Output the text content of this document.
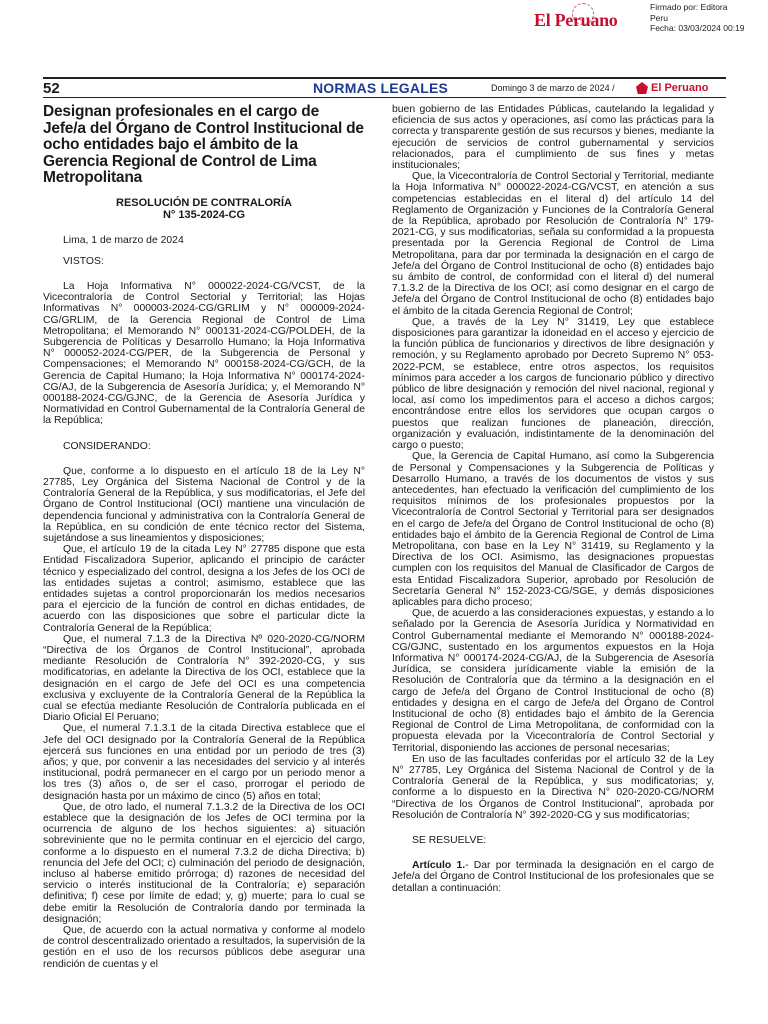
El Peruano
Firmado por: Editora
Peru
Fecha: 03/03/2024 00:19
52	NORMAS LEGALES	Domingo 3 de marzo de 2024 /	El Peruano

Designan profesionales en el cargo de Jefe/a del Órgano de Control Institucional de ocho entidades bajo el ámbito de la Gerencia Regional de Control de Lima Metropolitana

RESOLUCIÓN DE CONTRALORÍA

N° 135-2024-CG

Lima, 1 de marzo de 2024

VISTOS:

La Hoja Informativa N° 000022-2024-CG/VCST, de la Vicecontraloría de Control Sectorial y Territorial; las Hojas Informativas N° 000003-2024-CG/GRLIM y N° 000009-2024-CG/GRLIM, de la Gerencia Regional de Control de Lima Metropolitana; el Memorando N° 000131-2024-CG/POLDEH, de la Subgerencia de Políticas y Desarrollo Humano; la Hoja Informativa N° 000052-2024-CG/PER, de la Subgerencia de Personal y Compensaciones; el Memorando N° 000158-2024-CG/GCH, de la Gerencia de Capital Humano; la Hoja Informativa N° 000174-2024-CG/AJ, de la Subgerencia de Asesoría Jurídica; y, el Memorando N° 000188-2024-CG/GJNC, de la Gerencia de Asesoría Jurídica y Normatividad en Control Gubernamental de la Contraloría General de la República;

CONSIDERANDO:

Que, conforme a lo dispuesto en el artículo 18 de la Ley N° 27785, Ley Orgánica del Sistema Nacional de Control y de la Contraloría General de la República, y sus modificatorias, el Jefe del Órgano de Control Institucional (OCI) mantiene una vinculación de dependencia funcional y administrativa con la Contraloría General de la República, en su condición de ente técnico rector del Sistema, sujetándose a sus lineamientos y disposiciones;

Que, el artículo 19 de la citada Ley N° 27785 dispone que esta Entidad Fiscalizadora Superior, aplicando el principio de carácter técnico y especializado del control, designa a los Jefes de los OCI de las entidades sujetas a control; asimismo, establece que las entidades sujetas a control proporcionarán los medios necesarios para el ejercicio de la función de control en dichas entidades, de acuerdo con las disposiciones que sobre el particular dicte la Contraloría General de la República;

Que, el numeral 7.1.3 de la Directiva Nº 020-2020-CG/NORM “Directiva de los Órganos de Control Institucional”, aprobada mediante Resolución de Contraloría N° 392-2020-CG, y sus modificatorias, en adelante la Directiva de los OCI, establece que la designación en el cargo de Jefe del OCI es una competencia exclusiva y excluyente de la Contraloría General de la República la cual se efectúa mediante Resolución de Contraloría publicada en el Diario Oficial El Peruano;

Que, el numeral 7.1.3.1 de la citada Directiva establece que el Jefe del OCI designado por la Contraloría General de la República ejercerá sus funciones en una entidad por un periodo de tres (3) años; y que, por convenir a las necesidades del servicio y al interés institucional, podrá permanecer en el cargo por un periodo menor a los tres (3) años o, de ser el caso, prorrogar el periodo de designación hasta por un máximo de cinco (5) años en total;

Que, de otro lado, el numeral 7.1.3.2 de la Directiva de los OCI establece que la designación de los Jefes de OCI termina por la ocurrencia de alguno de los hechos siguientes: a) situación sobreviniente que no le permita continuar en el ejercicio del cargo, conforme a lo dispuesto en el numeral 7.3.2 de dicha Directiva; b) renuncia del Jefe del OCI; c) culminación del periodo de designación, incluso al haberse emitido prórroga; d) razones de necesidad del servicio o interés institucional de la Contraloría; e) separación definitiva; f) cese por límite de edad; y, g) muerte; para lo cual se debe emitir la Resolución de Contraloría dando por terminada la designación;

Que, de acuerdo con la actual normativa y conforme al modelo de control descentralizado orientado a resultados, la supervisión de la gestión en el uso de los recursos públicos debe asegurar una rendición de cuentas y el

buen gobierno de las Entidades Públicas, cautelando la legalidad y eficiencia de sus actos y operaciones, así como las prácticas para la correcta y transparente gestión de sus recursos y bienes, mediante la ejecución de servicios de control gubernamental y servicios relacionados, para el cumplimiento de sus fines y metas institucionales;

Que, la Vicecontraloría de Control Sectorial y Territorial, mediante la Hoja Informativa N° 000022-2024-CG/VCST, en atención a sus competencias establecidas en el literal d) del artículo 14 del Reglamento de Organización y Funciones de la Contraloría General de la República, aprobado por Resolución de Contraloría N° 179-2021-CG, y sus modificatorias, señala su conformidad a la propuesta presentada por la Gerencia Regional de Control de Lima Metropolitana, para dar por terminada la designación en el cargo de Jefe/a del Órgano de Control Institucional de ocho (8) entidades bajo su ámbito de control, de conformidad con el literal d) del numeral 7.1.3.2 de la Directiva de los OCI; así como designar en el cargo de Jefe/a del Órgano de Control Institucional de ocho (8) entidades bajo el ámbito de la citada Gerencia Regional de Control;

Que, a través de la Ley N° 31419, Ley que establece disposiciones para garantizar la idoneidad en el acceso y ejercicio de la función pública de funcionarios y directivos de libre designación y remoción, y su Reglamento aprobado por Decreto Supremo N° 053-2022-PCM, se establece, entre otros aspectos, los requisitos mínimos para acceder a los cargos de funcionario público y directivo público de libre designación y remoción del nivel nacional, regional y local, así como los impedimentos para el acceso a dichos cargos; encontrándose entre ellos los servidores que ocupan cargos o puestos que realizan funciones de planeación, dirección, organización y evaluación, indistintamente de la denominación del cargo o puesto;

Que, la Gerencia de Capital Humano, así como la Subgerencia de Personal y Compensaciones y la Subgerencia de Políticas y Desarrollo Humano, a través de los documentos de vistos y sus antecedentes, han efectuado la verificación del cumplimiento de los requisitos mínimos de los profesionales propuestos por la Vicecontraloría de Control Sectorial y Territorial para ser designados en el cargo de Jefe/a del Órgano de Control Institucional de ocho (8) entidades bajo el ámbito de la Gerencia Regional de Control de Lima Metropolitana, con base en la Ley N° 31419, su Reglamento y la Directiva de los OCI. Asimismo, las designaciones propuestas cumplen con los requisitos del Manual de Clasificador de Cargos de esta Entidad Fiscalizadora Superior, aprobado por Resolución de Secretaría General N° 152-2023-CG/SGE, y demás disposiciones aplicables para dicho proceso;

Que, de acuerdo a las consideraciones expuestas, y estando a lo señalado por la Gerencia de Asesoría Jurídica y Normatividad en Control Gubernamental mediante el Memorando N° 000188-2024-CG/GJNC, sustentado en los argumentos expuestos en la Hoja Informativa N° 000174-2024-CG/AJ, de la Subgerencia de Asesoría Jurídica, se considera jurídicamente viable la emisión de la Resolución de Contraloría que da término a la designación en el cargo de Jefe/a del Órgano de Control Institucional de ocho (8) entidades y designa en el cargo de Jefe/a del Órgano de Control Institucional de ocho (8) entidades bajo el ámbito de la Gerencia Regional de Control de Lima Metropolitana, de conformidad con la propuesta elevada por la Vicecontraloría de Control Sectorial y Territorial, disponiendo las acciones de personal necesarias;

En uso de las facultades conferidas por el artículo 32 de la Ley N° 27785, Ley Orgánica del Sistema Nacional de Control y de la Contraloría General de la República, y sus modificatorias; y, conforme a lo dispuesto en la Directiva N° 020-2020-CG/NORM “Directiva de los Órganos de Control Institucional”, aprobada por Resolución de Contraloría N° 392-2020-CG y sus modificatorias;

SE RESUELVE:

Artículo 1.- Dar por terminada la designación en el cargo de Jefe/a del Órgano de Control Institucional de los profesionales que se detallan a continuación:
